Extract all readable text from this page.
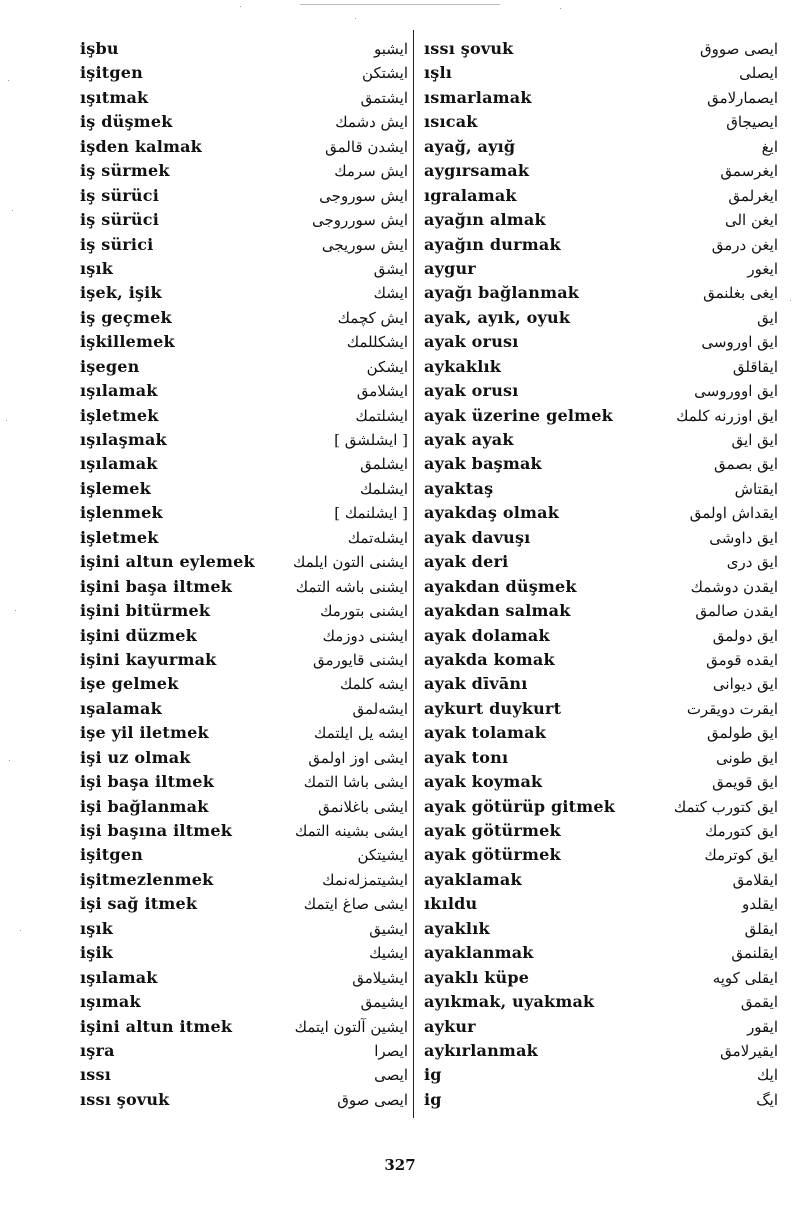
işbu	ایشبو
işitgen	ایشتکن
ışıtmak	ایشتمق
iş düşmek	ایش دشمك
işden kalmak	ایشدن قالمق
iş sürmek	ایش سرمك
iş sürüci	ایش سوروجی
iş sürüci	ایش سورروجی
iş sürici	ایش سوریجی
ışık	ایشق
işek, işik	ایشك
iş geçmek	ایش کچمك
işkillemek	ایشکللمك
işegen	ایشکن
ışılamak	ایشلامق
işletmek	ایشلتمك
ışılaşmak	[ ایشلشق ]
ışılamak	ایشلمق
işlemek	ایشلمك
işlenmek	[ ایشلنمك ]
işletmek	ایشلەتمك
işini altun eylemek	ایشنی التون ایلمك
işini başa iltmek	ایشنی باشه التمك
işini bitürmek	ایشنی بتورمك
işini düzmek	ایشنی دوزمك
işini kayurmak	ایشنی قایورمق
işe gelmek	ایشه کلمك
ışalamak	ایشەلمق
işe yil iletmek	ایشه یل ایلتمك
işi uz olmak	ایشی اوز اولمق
işi başa iltmek	ایشی باشا التمك
işi bağlanmak	ایشی باغلانمق
işi başına iltmek	ایشی بشینه التمك
işitgen	ایشیتکن
işitmezlenmek	ایشیتمزلەنمك
işi sağ itmek	ایشی صاغ ایتمك
ışık	ایشیق
işik	ایشیك
ışılamak	ایشیلامق
ışımak	ایشیمق
işini altun itmek	ایشین آلتون ایتمك
ışra	ایصرا
ıssı	ایصی
ıssı şovuk	ایصی صوق
ıssı şovuk	ایصی صووق
ışlı	ایصلی
ısmarlamak	ایصمارلامق
ısıcak	ایصیجاق
ayağ, ayığ	ایغ
aygırsamak	ایغرسمق
ıgralamak	ایغرلمق
ayağın almak	ایغن الی
ayağın durmak	ایغن درمق
aygur	ایغور
ayağı bağlanmak	ایغی بغلنمق
ayak, ayık, oyuk	ایق
ayak orusı	ایق اوروسی
aykaklık	ایقاقلق
ayak orusı	ایق اووروسی
ayak üzerine gelmek	ایق اوزرنه کلمك
ayak ayak	ایق ایق
ayak başmak	ایق بصمق
ayaktaş	ایقتاش
ayakdaş olmak	ایقداش اولمق
ayak davuşı	ایق داوشی
ayak deri	ایق دری
ayakdan düşmek	ایقدن دوشمك
ayakdan salmak	ایقدن صالمق
ayak dolamak	ایق دولمق
ayakda komak	ایقده قومق
ayak dīvānı	ایق دیوانی
aykurt duykurt	ایقرت دویقرت
ayak tolamak	ایق طولمق
ayak tonı	ایق طونی
ayak koymak	ایق قویمق
ayak götürüp gitmek	ایق کتورب کتمك
ayak götürmek	ایق کتورمك
ayak götürmek	ایق کوترمك
ayaklamak	ایقلامق
ıkıldu	ایقلدو
ayaklık	ایقلق
ayaklanmak	ایقلنمق
ayaklı küpe	ایقلی کوپه
ayıkmak, uyakmak	ایقمق
aykur	ایقور
aykırlanmak	ایقیرلامق
ig	ایك
ig	ایگ
327
